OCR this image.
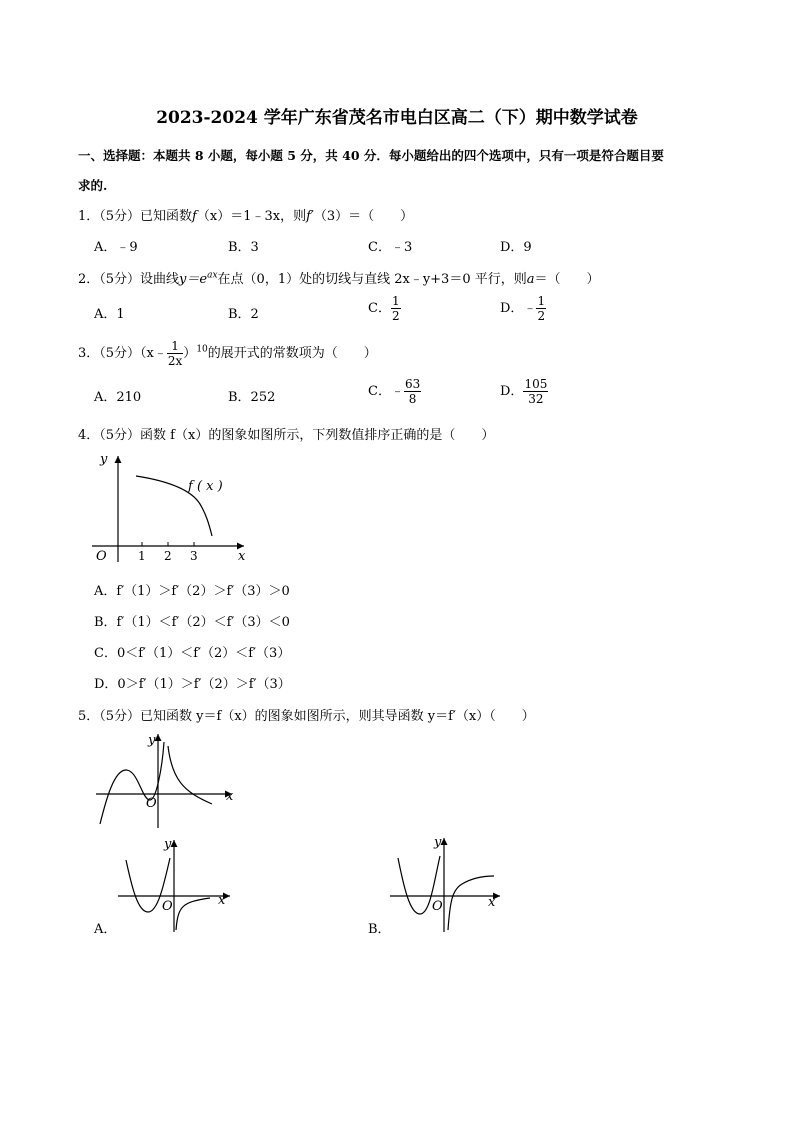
2023-2024 学年广东省茂名市电白区高二（下）期中数学试卷
一、选择题：本题共 8 小题，每小题 5 分，共 40 分．每小题给出的四个选项中，只有一项是符合题目要
求的.
1．（5分）已知函数f（x）＝1﹣3x，则f′（3）＝（　　）
A．﹣9	B．3	C．﹣3	D．9
2．（5分）设曲线$y=e^{ax}$在点（0，1）处的切线与直线 2x﹣y+3＝0 平行，则a＝（　　）
A．1	B．2	C． $\frac{1}{2}$	D．﹣ $\frac{1}{2}$
3．（5分）（x﹣ $\frac{1}{2x} )^{10}$的展开式的常数项为（　　）
A．210	B．252	C．﹣ $\frac{63}{8}$	D． $\frac{105}{32}$
4．（5分）函数 f（x）的图象如图所示，下列数值排序正确的是（　　）
y
O	x
1 2 3
f ( x )
A．f′（1）＞f′（2）＞f′（3）＞0
B．f′（1）＜f′（2）＜f′（3）＜0
C．0＜f′（1）＜f′（2）＜f′（3）
D．0＞f′（1）＞f′（2）＞f′（3）
5．（5分）已知函数 y＝f（x）的图象如图所示，则其导函数 y＝f′（x）（　　）
y
O	x
y
O	x
A．
y
O	x
B．
